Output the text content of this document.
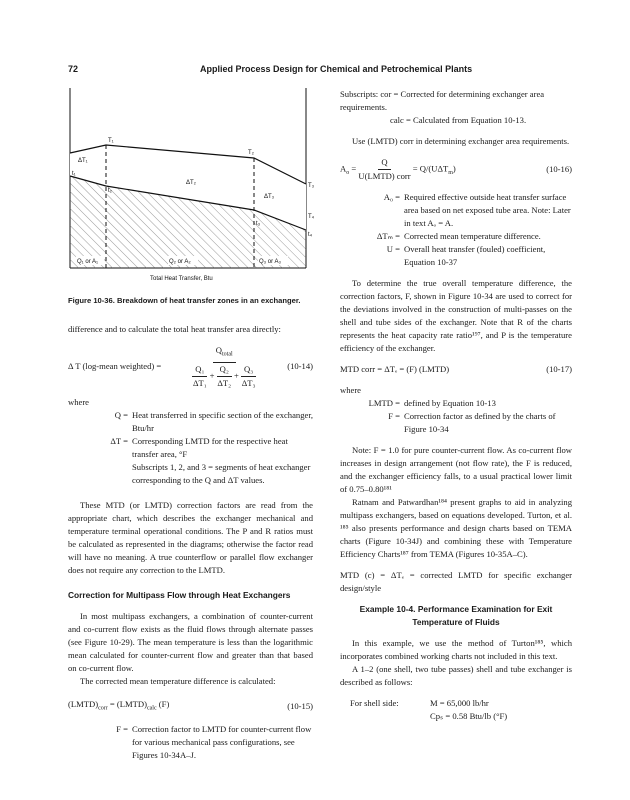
72	Applied Process Design for Chemical and Petrochemical Plants
T₁
T₂
T₃
T₄
ΔT₁
ΔT₂
ΔT₃
t₁
t₂
t₃
t₄
Q₁ or A₁	Q₂ or A₂	Q₃ or A₃
Total Heat Transfer, Btu
Figure 10-36. Breakdown of heat transfer zones in an exchanger.

difference and to calculate the total heat transfer area directly:

Δ T (log-mean weighted) =	$\frac{Q_{total}}{\frac{\text{Q₁}}{\text{ΔT₁}} + \frac{\text{Q₂}}{\text{ΔT₂}} + \frac{\text{Q₃}}{\text{ΔT₃}}}$	(10-14)
where
Q = Heat transferred in specific section of the exchanger, Btu/hr
ΔT = Corresponding LMTD for the respective heat transfer area, °F
Subscripts 1, 2, and 3 = segments of heat exchanger corresponding to the Q and ΔT values.

These MTD (or LMTD) correction factors are read from the appropriate chart, which describes the exchanger mechanical and temperature terminal operational conditions. The P and R ratios must be calculated as represented in the diagrams; otherwise the factor read will have no meaning. A true counterflow or parallel flow exchanger does not require any correction to the LMTD.

Correction for Multipass Flow through Heat Exchangers

In most multipass exchangers, a combination of counter-current and co-current flow exists as the fluid flows through alternate passes (see Figure 10-29). The mean temperature is less than the logarithmic mean calculated for counter-current flow and greater than that based on co-current flow.

The corrected mean temperature difference is calculated:

$(LMTD)_{corr}$ = $(LMTD)_{calc}$ (F)	(10-15)
F = Correction factor to LMTD for counter-current flow for various mechanical pass configurations, see Figures 10-34A–J.
Subscripts: cor = Corrected for determining exchanger area requirements.
calc = Calculated from Equation 10-13.

Use (LMTD) corr in determining exchanger area requirements.

$A_o = \frac{Q}{\text{U(LMTD) corr}} = Q/(U\Delta T_m)$	(10-16)
A₀ = Required effective outside heat transfer surface area based on net exposed tube area. Note: Later in text Aₒ = A.
ΔTₘ = Corrected mean temperature difference.
U = Overall heat transfer (fouled) coefficient, Equation 10-37

To determine the true overall temperature difference, the correction factors, F, shown in Figure 10-34 are used to correct for the deviations involved in the construction of multi-passes on the shell and tube sides of the exchanger. Note that R of the charts represents the heat capacity rate ratio¹⁹⁷, and P is the temperature efficiency of the exchanger.

MTD corr = ΔTₑ = (F) (LMTD)	(10-17)
where
LMTD = defined by Equation 10-13
F = Correction factor as defined by the charts of Figure 10-34

Note: F = 1.0 for pure counter-current flow. As co-current flow increases in design arrangement (not flow rate), the F is reduced, and the exchanger efficiency falls, to a usual practical lower limit of 0.75–0.80¹⁸¹

Ratnam and Patwardhan¹⁸⁴ present graphs to aid in analyzing multipass exchangers, based on equations developed. Turton, et al. ¹⁸⁵ also presents performance and design charts based on TEMA charts (Figure 10-34J) and combining these with Temperature Efficiency Charts¹⁸⁷ from TEMA (Figures 10-35A–C).

MTD (c) = ΔTₑ = corrected LMTD for specific exchanger design/style

Example 10-4. Performance Examination for Exit
Temperature of Fluids

In this example, we use the method of Turton¹⁸⁵, which incorporates combined working charts not included in this text.

A 1–2 (one shell, two tube passes) shell and tube exchanger is described as follows:

For shell side:	M = 65,000 lb/hr
Cpₛ = 0.58 Btu/lb (°F)
